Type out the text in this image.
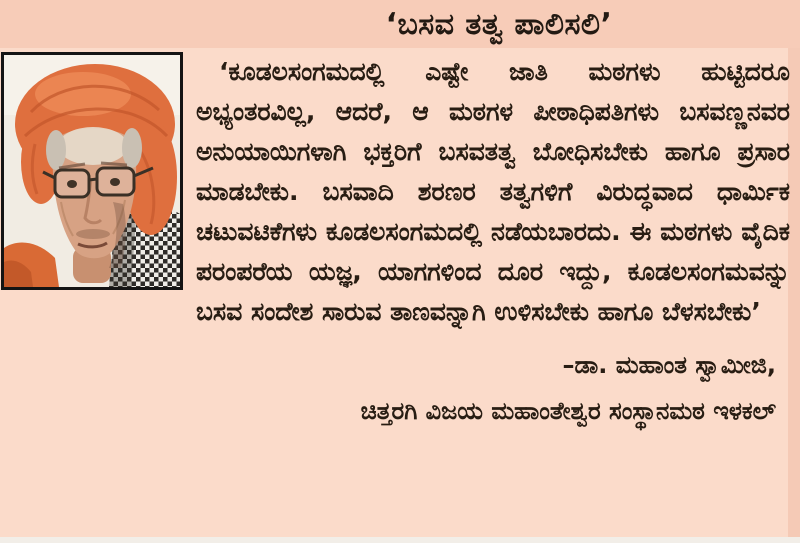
‘ಬಸವ ತತ್ವ ಪಾಲಿಸಲಿ’

‘ಕೂಡಲಸಂಗಮದಲ್ಲಿ ಎಷ್ಟೇ ಜಾತಿ ಮಠಗಳು ಹುಟ್ಟಿದರೂ ಅಭ್ಯಂತರವಿಲ್ಲ, ಆದರೆ, ಆ ಮಠಗಳ ಪೀಠಾಧಿಪತಿಗಳು ಬಸವಣ್ಣನವರ ಅನುಯಾಯಿಗಳಾಗಿ ಭಕ್ತರಿಗೆ ಬಸವತತ್ವ ಬೋಧಿಸಬೇಕು ಹಾಗೂ ಪ್ರಸಾರ ಮಾಡಬೇಕು. ಬಸವಾದಿ ಶರಣರ ತತ್ವಗಳಿಗೆ ವಿರುದ್ಧವಾದ ಧಾರ್ಮಿಕ ಚಟುವಟಿಕೆಗಳು ಕೂಡಲಸಂಗಮದಲ್ಲಿ ನಡೆಯಬಾರದು. ಈ ಮಠಗಳು ವೈದಿಕ ಪರಂಪರೆಯ ಯಜ್ಞ, ಯಾಗಗಳಿಂದ ದೂರ ಇದ್ದು, ಕೂಡಲಸಂಗಮವನ್ನು ಬಸವ ಸಂದೇಶ ಸಾರುವ ತಾಣವನ್ನಾಗಿ ಉಳಿಸಬೇಕು ಹಾಗೂ ಬೆಳಸಬೇಕು’

–ಡಾ. ಮಹಾಂತ ಸ್ವಾಮೀಜಿ,
ಚಿತ್ತರಗಿ ವಿಜಯ ಮಹಾಂತೇಶ್ವರ ಸಂಸ್ಥಾನಮಠ ಇಳಕಲ್
